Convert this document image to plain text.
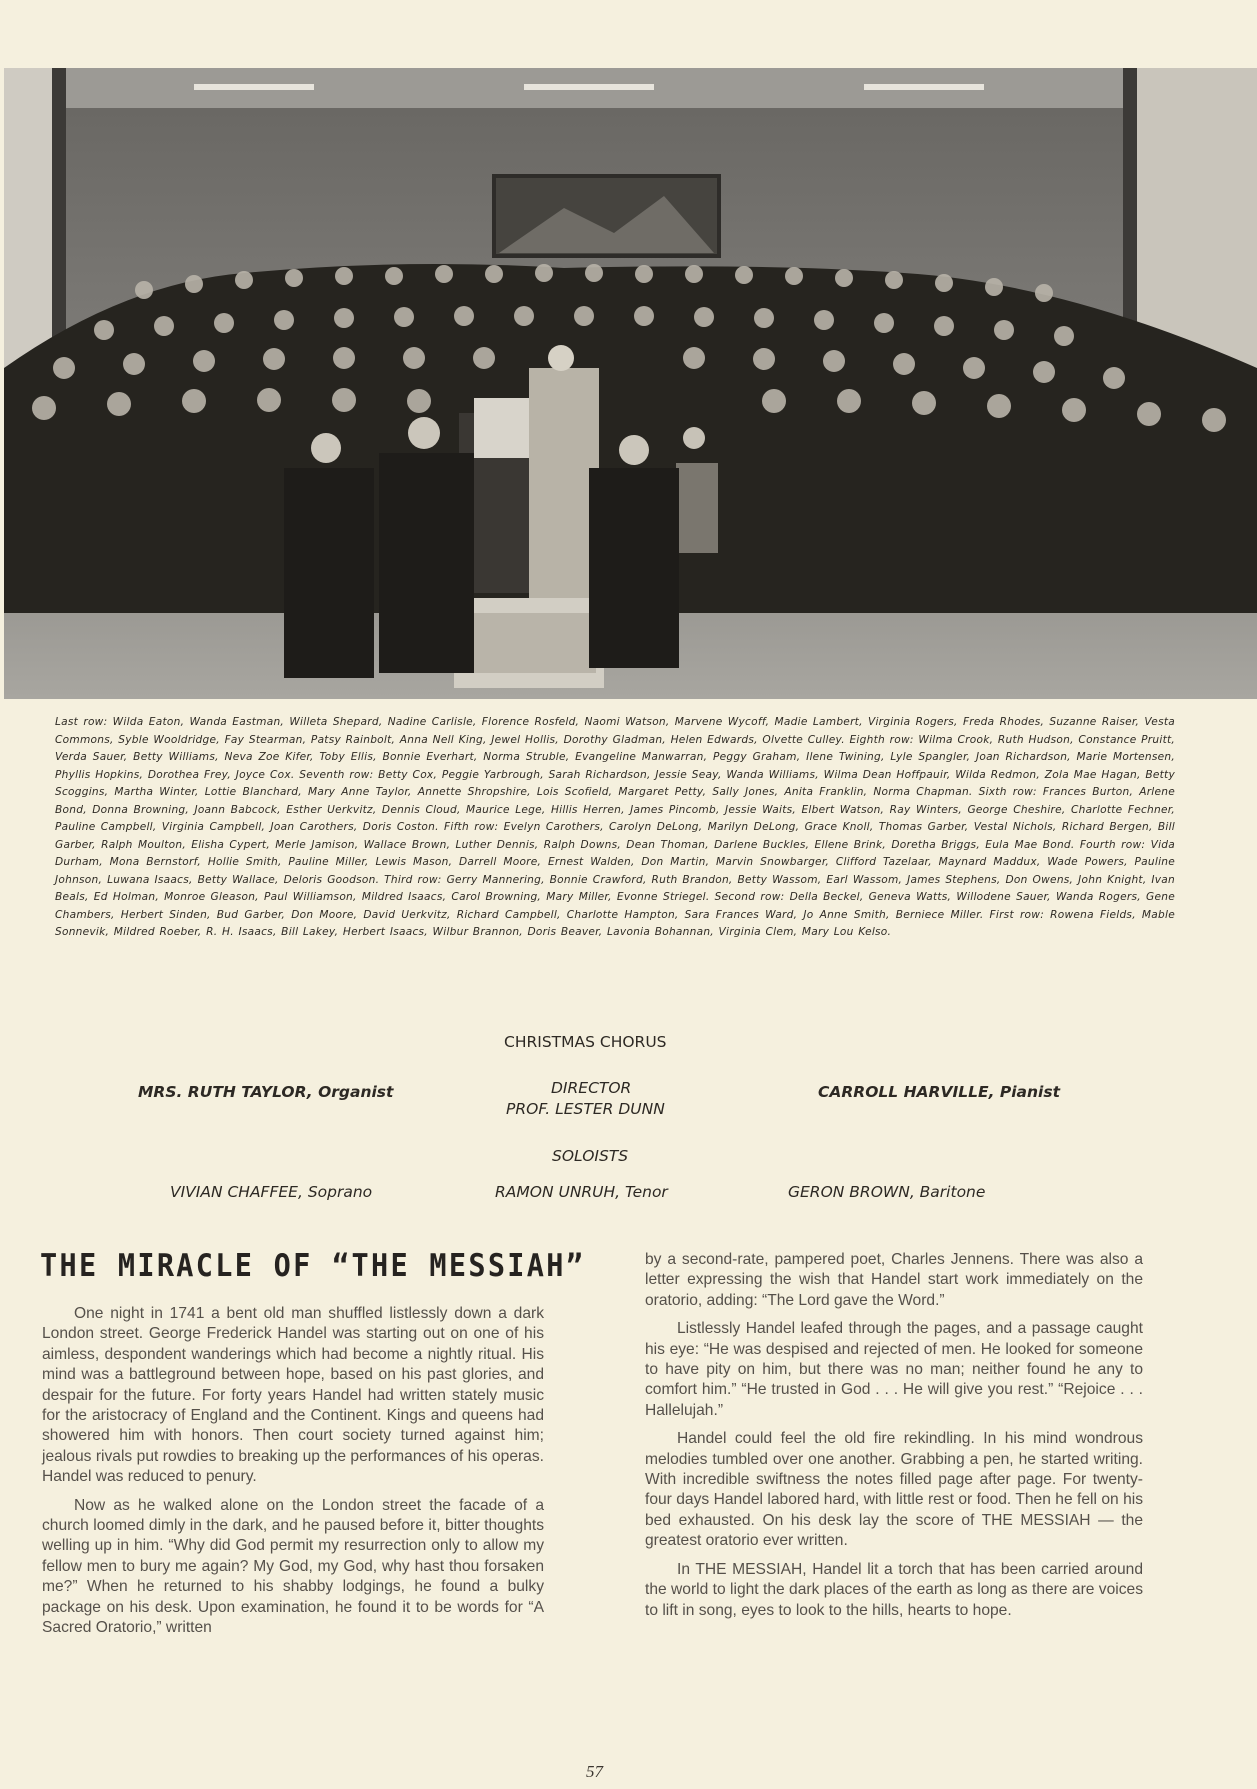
Last row: Wilda Eaton, Wanda Eastman, Willeta Shepard, Nadine Carlisle, Florence Rosfeld, Naomi Watson, Marvene Wycoff, Madie Lambert, Virginia Rogers, Freda Rhodes, Suzanne Raiser, Vesta Commons, Syble Wooldridge, Fay Stearman, Patsy Rainbolt, Anna Nell King, Jewel Hollis, Dorothy Gladman, Helen Edwards, Olvette Culley. Eighth row: Wilma Crook, Ruth Hudson, Constance Pruitt, Verda Sauer, Betty Williams, Neva Zoe Kifer, Toby Ellis, Bonnie Everhart, Norma Struble, Evangeline Manwarran, Peggy Graham, Ilene Twining, Lyle Spangler, Joan Richardson, Marie Mortensen, Phyllis Hopkins, Dorothea Frey, Joyce Cox. Seventh row: Betty Cox, Peggie Yarbrough, Sarah Richardson, Jessie Seay, Wanda Williams, Wilma Dean Hoffpauir, Wilda Redmon, Zola Mae Hagan, Betty Scoggins, Martha Winter, Lottie Blanchard, Mary Anne Taylor, Annette Shropshire, Lois Scofield, Margaret Petty, Sally Jones, Anita Franklin, Norma Chapman. Sixth row: Frances Burton, Arlene Bond, Donna Browning, Joann Babcock, Esther Uerkvitz, Dennis Cloud, Maurice Lege, Hillis Herren, James Pincomb, Jessie Waits, Elbert Watson, Ray Winters, George Cheshire, Charlotte Fechner, Pauline Campbell, Virginia Campbell, Joan Carothers, Doris Coston. Fifth row: Evelyn Carothers, Carolyn DeLong, Marilyn DeLong, Grace Knoll, Thomas Garber, Vestal Nichols, Richard Bergen, Bill Garber, Ralph Moulton, Elisha Cypert, Merle Jamison, Wallace Brown, Luther Dennis, Ralph Downs, Dean Thoman, Darlene Buckles, Ellene Brink, Doretha Briggs, Eula Mae Bond. Fourth row: Vida Durham, Mona Bernstorf, Hollie Smith, Pauline Miller, Lewis Mason, Darrell Moore, Ernest Walden, Don Martin, Marvin Snowbarger, Clifford Tazelaar, Maynard Maddux, Wade Powers, Pauline Johnson, Luwana Isaacs, Betty Wallace, Deloris Goodson. Third row: Gerry Mannering, Bonnie Crawford, Ruth Brandon, Betty Wassom, Earl Wassom, James Stephens, Don Owens, John Knight, Ivan Beals, Ed Holman, Monroe Gleason, Paul Williamson, Mildred Isaacs, Carol Browning, Mary Miller, Evonne Striegel. Second row: Della Beckel, Geneva Watts, Willodene Sauer, Wanda Rogers, Gene Chambers, Herbert Sinden, Bud Garber, Don Moore, David Uerkvitz, Richard Campbell, Charlotte Hampton, Sara Frances Ward, Jo Anne Smith, Berniece Miller. First row: Rowena Fields, Mable Sonnevik, Mildred Roeber, R. H. Isaacs, Bill Lakey, Herbert Isaacs, Wilbur Brannon, Doris Beaver, Lavonia Bohannan, Virginia Clem, Mary Lou Kelso.
CHRISTMAS CHORUS
MRS. RUTH TAYLOR, Organist	DIRECTOR
PROF. LESTER DUNN
CARROLL HARVILLE, Pianist
SOLOISTS
VIVIAN CHAFFEE, Soprano	RAMON UNRUH, Tenor	GERON BROWN, Baritone
THE MIRACLE OF “THE MESSIAH”

One night in 1741 a bent old man shuffled listlessly down a dark London street. George Frederick Handel was starting out on one of his aimless, despondent wanderings which had become a nightly ritual. His mind was a battleground between hope, based on his past glories, and despair for the future. For forty years Handel had written stately music for the aristocracy of England and the Continent. Kings and queens had showered him with honors. Then court society turned against him; jealous rivals put rowdies to breaking up the performances of his operas. Handel was reduced to penury.

Now as he walked alone on the London street the facade of a church loomed dimly in the dark, and he paused before it, bitter thoughts welling up in him. “Why did God permit my resurrection only to allow my fellow men to bury me again? My God, my God, why hast thou forsaken me?” When he returned to his shabby lodgings, he found a bulky package on his desk. Upon examination, he found it to be words for “A Sacred Oratorio,” written

by a second-rate, pampered poet, Charles Jennens. There was also a letter expressing the wish that Handel start work immediately on the oratorio, adding: “The Lord gave the Word.”

Listlessly Handel leafed through the pages, and a passage caught his eye: “He was despised and rejected of men. He looked for someone to have pity on him, but there was no man; neither found he any to comfort him.” “He trusted in God . . . He will give you rest.” “Rejoice . . . Hallelujah.”

Handel could feel the old fire rekindling. In his mind wondrous melodies tumbled over one another. Grabbing a pen, he started writing. With incredible swiftness the notes filled page after page. For twenty-four days Handel labored hard, with little rest or food. Then he fell on his bed exhausted. On his desk lay the score of THE MESSIAH — the greatest oratorio ever written.

In THE MESSIAH, Handel lit a torch that has been carried around the world to light the dark places of the earth as long as there are voices to lift in song, eyes to look to the hills, hearts to hope.

57
